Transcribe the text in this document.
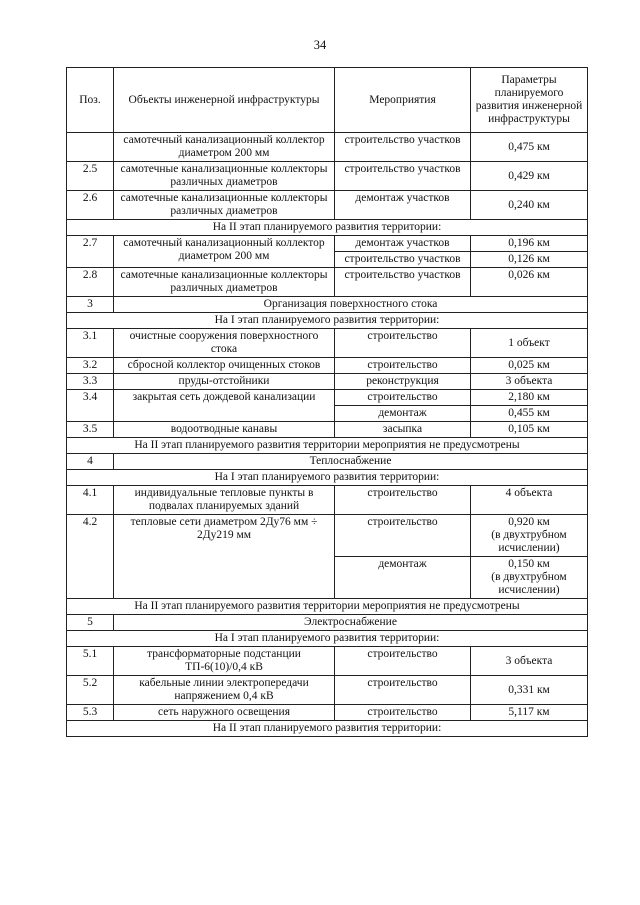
34
Поз.	Объекты инженерной инфраструктуры	Мероприятия	Параметры планируемого развития инженерной инфраструктуры
	самотечный канализационный коллектор диаметром 200 мм	строительство участков	0,475 км
2.5	самотечные канализационные коллекторы различных диаметров	строительство участков	0,429 км
2.6	самотечные канализационные коллекторы различных диаметров	демонтаж участков	0,240 км
На II этап планируемого развития территории:			
2.7	самотечный канализационный коллектор диаметром 200 мм	демонтаж участков	0,196 км
		строительство участков	0,126 км
2.8	самотечные канализационные коллекторы различных диаметров	строительство участков	0,026 км
3	Организация поверхностного стока		
На I этап планируемого развития территории:			
3.1	очистные сооружения поверхностного стока	строительство	1 объект
3.2	сбросной коллектор очищенных стоков	строительство	0,025 км
3.3	пруды-отстойники	реконструкция	3 объекта
3.4	закрытая сеть дождевой канализации	строительство	2,180 км
		демонтаж	0,455 км
3.5	водоотводные канавы	засыпка	0,105 км
На II этап планируемого развития территории мероприятия не предусмотрены			
4	Теплоснабжение		
На I этап планируемого развития территории:			
4.1	индивидуальные тепловые пункты в подвалах планируемых зданий	строительство	4 объекта
4.2	тепловые сети диаметром 2Ду76 мм ÷ 2Ду219 мм	строительство	0,920 км
(в двухтрубном
исчислении)

		демонтаж	0,150 км
(в двухтрубном
исчислении)

На II этап планируемого развития территории мероприятия не предусмотрены			
5	Электроснабжение		
На I этап планируемого развития территории:			
5.1	трансформаторные подстанции ТП-6(10)/0,4 кВ	строительство	3 объекта
5.2	кабельные линии электропередачи напряжением 0,4 кВ	строительство	0,331 км
5.3	сеть наружного освещения	строительство	5,117 км
На II этап планируемого развития территории:			
